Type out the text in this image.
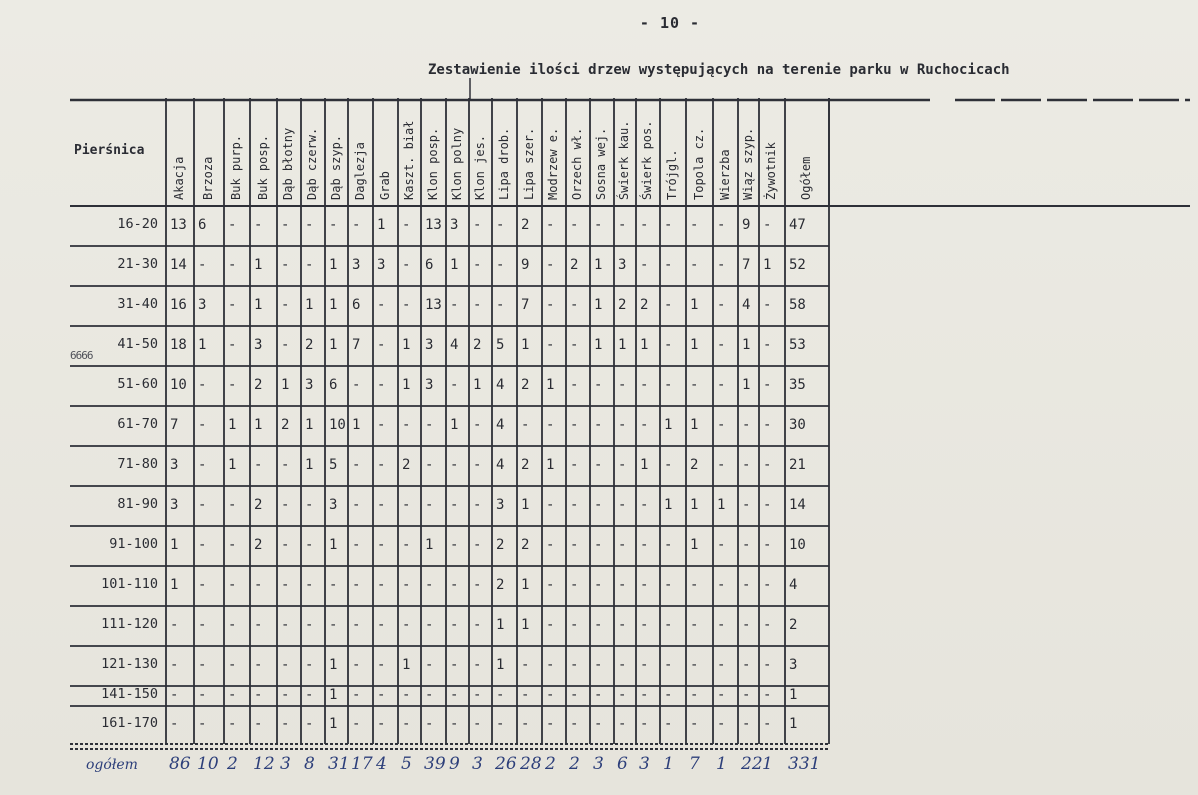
- 10 -
Zestawienie ilości drzew występujących na terenie parku w Ruchocicach
Pierśnica
6666
Akacja Brzoza Buk purp. Buk posp. Dąb błotny Dąb czerw. Dąb szyp. Daglezja Grab Kaszt. biał Klon posp. Klon polny Klon jes. Lipa drob. Lipa szer. Modrzew e. Orzech wł. Sosna wej. Świerk kau. Świerk pos. Trójgl. Topola cz. Wierzba Wiąz szyp. Żywotnik Ogółem
16-20 13 6 - - - - - - 1 - 13 3 - - 2 - - - - - - - - 9 - 47
21-30 14 - - 1 - - 1 3 3 - 6 1 - - 9 - 2 1 3 - - - - 7 1 52
31-40 16 3 - 1 - 1 1 6 - - 13 - - - 7 - - 1 2 2 - 1 - 4 - 58
41-50 18 1 - 3 - 2 1 7 - 1 3 4 2 5 1 - - 1 1 1 - 1 - 1 - 53
51-60 10 - - 2 1 3 6 - - 1 3 - 1 4 2 1 - - - - - - - 1 - 35
61-70 7 - 1 1 2 1 10 1 - - - 1 - 4 - - - - - - 1 1 - - - 30
71-80 3 - 1 - - 1 5 - - 2 - - - 4 2 1 - - - 1 - 2 - - - 21
81-90 3 - - 2 - - 3 - - - - - - 3 1 - - - - - 1 1 1 - - 14
91-100 1 - - 2 - - 1 - - - 1 - - 2 2 - - - - - - 1 - - - 10
101-110 1 - - - - - - - - - - - - 2 1 - - - - - - - - - - 4
111-120 - - - - - - - - - - - - - 1 1 - - - - - - - - - - 2
121-130 - - - - - - 1 - - 1 - - - 1 - - - - - - - - - - - 3
141-150 - - - - - - 1 - - - - - - - - - - - - - - - - - - 1
161-170 - - - - - - 1 - - - - - - - - - - - - - - - - - - 1
ogółem 86 10 2 12 3 8 31 17 4 5 39 9 3 26 28 2 2 3 6 3 1 7 1 22 1 331
